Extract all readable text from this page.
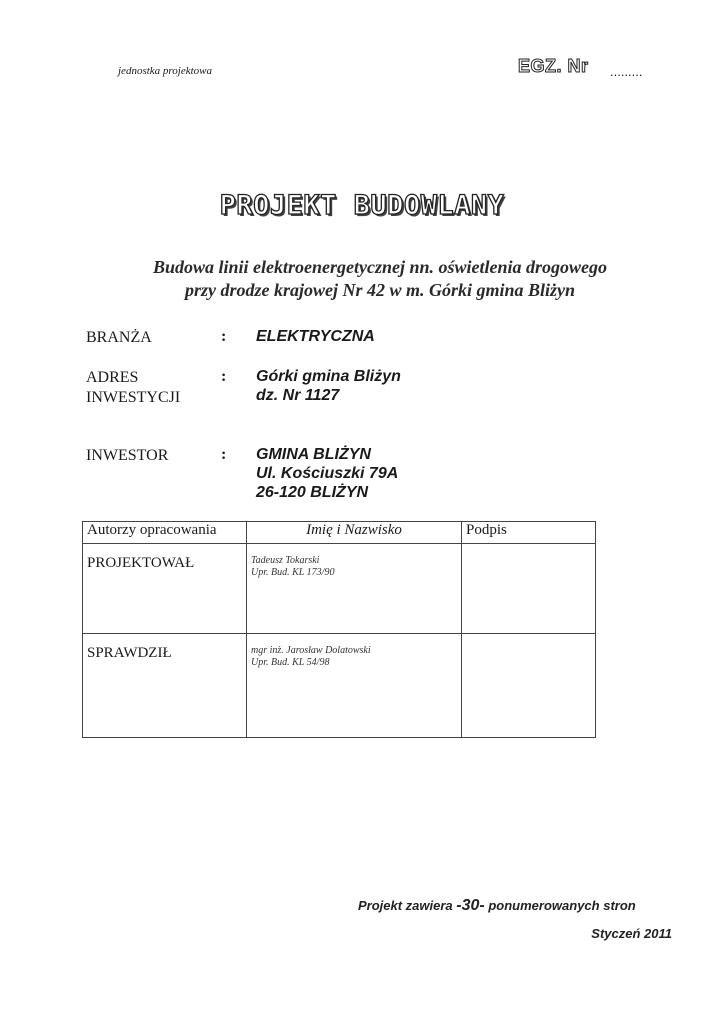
jednostka projektowa	EGZ. Nr .........
PROJEKT BUDOWLANY
Budowa linii elektroenergetycznej nn. oświetlenia drogowego
przy drodze krajowej Nr 42 w m. Górki gmina Bliżyn
BRANŻA	: ELEKTRYCZNA
ADRES
INWESTYCJI
: Górki gmina Bliżyn
dz. Nr 1127
INWESTOR	: GMINA BLIŻYN
Ul. Kościuszki 79A
26-120 BLIŻYN
Autorzy opracowania	Imię i Nazwisko	Podpis
PROJEKTOWAŁ	Tadeusz Tokarski
Upr. Bud. KL 173/90	

SPRAWDZIŁ	mgr inż. Jarosław Dolatowski
Upr. Bud. KL 54/98	

Projekt zawiera -30- ponumerowanych stron
Styczeń 2011
